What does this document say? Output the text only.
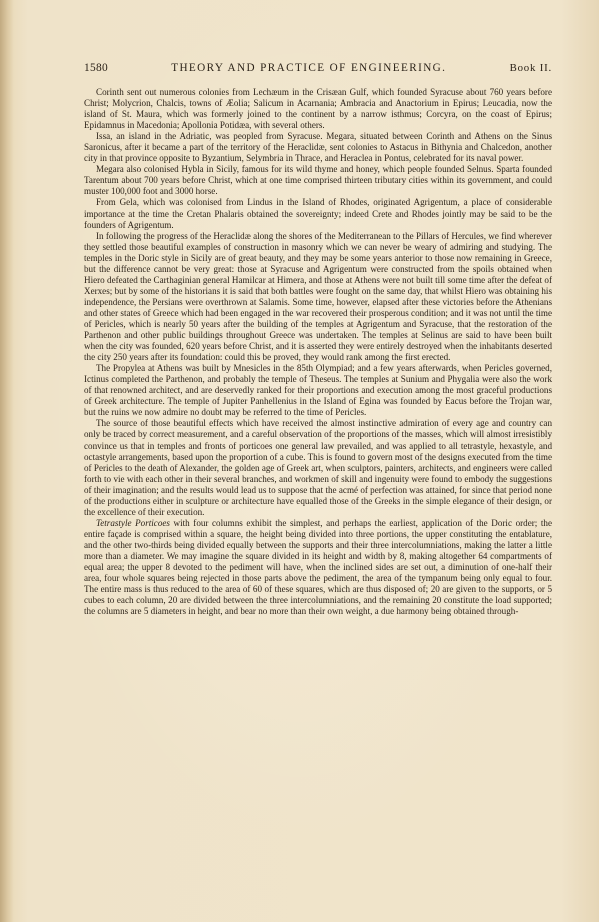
1580	THEORY AND PRACTICE OF ENGINEERING.	Book II.

Corinth sent out numerous colonies from Lechæum in the Crisæan Gulf, which founded Syracuse about 760 years before Christ; Molycrion, Chalcis, towns of Æolia; Salicum in Acarnania; Ambracia and Anactorium in Epirus; Leucadia, now the island of St. Maura, which was formerly joined to the continent by a narrow isthmus; Corcyra, on the coast of Epirus; Epidamnus in Macedonia; Apollonia Potidæa, with several others.

Issa, an island in the Adriatic, was peopled from Syracuse. Megara, situated between Corinth and Athens on the Sinus Saronicus, after it became a part of the territory of the Heraclidæ, sent colonies to Astacus in Bithynia and Chalcedon, another city in that province opposite to Byzantium, Selymbria in Thrace, and Heraclea in Pontus, celebrated for its naval power.

Megara also colonised Hybla in Sicily, famous for its wild thyme and honey, which people founded Selnus. Sparta founded Tarentum about 700 years before Christ, which at one time comprised thirteen tributary cities within its government, and could muster 100,000 foot and 3000 horse.

From Gela, which was colonised from Lindus in the Island of Rhodes, originated Agrigentum, a place of considerable importance at the time the Cretan Phalaris obtained the sovereignty; indeed Crete and Rhodes jointly may be said to be the founders of Agrigentum.

In following the progress of the Heraclidæ along the shores of the Mediterranean to the Pillars of Hercules, we find wherever they settled those beautiful examples of construction in masonry which we can never be weary of admiring and studying. The temples in the Doric style in Sicily are of great beauty, and they may be some years anterior to those now remaining in Greece, but the difference cannot be very great: those at Syracuse and Agrigentum were constructed from the spoils obtained when Hiero defeated the Carthaginian general Hamilcar at Himera, and those at Athens were not built till some time after the defeat of Xerxes; but by some of the historians it is said that both battles were fought on the same day, that whilst Hiero was obtaining his independence, the Persians were overthrown at Salamis. Some time, however, elapsed after these victories before the Athenians and other states of Greece which had been engaged in the war recovered their prosperous condition; and it was not until the time of Pericles, which is nearly 50 years after the building of the temples at Agrigentum and Syracuse, that the restoration of the Parthenon and other public buildings throughout Greece was undertaken. The temples at Selinus are said to have been built when the city was founded, 620 years before Christ, and it is asserted they were entirely destroyed when the inhabitants deserted the city 250 years after its foundation: could this be proved, they would rank among the first erected.

The Propylea at Athens was built by Mnesicles in the 85th Olympiad; and a few years afterwards, when Pericles governed, Ictinus completed the Parthenon, and probably the temple of Theseus. The temples at Sunium and Phygalia were also the work of that renowned architect, and are deservedly ranked for their proportions and execution among the most graceful productions of Greek architecture. The temple of Jupiter Panhellenius in the Island of Egina was founded by Eacus before the Trojan war, but the ruins we now admire no doubt may be referred to the time of Pericles.

The source of those beautiful effects which have received the almost instinctive admiration of every age and country can only be traced by correct measurement, and a careful observation of the proportions of the masses, which will almost irresistibly convince us that in temples and fronts of porticoes one general law prevailed, and was applied to all tetrastyle, hexastyle, and octastyle arrangements, based upon the proportion of a cube. This is found to govern most of the designs executed from the time of Pericles to the death of Alexander, the golden age of Greek art, when sculptors, painters, architects, and engineers were called forth to vie with each other in their several branches, and workmen of skill and ingenuity were found to embody the suggestions of their imagination; and the results would lead us to suppose that the acmé of perfection was attained, for since that period none of the productions either in sculpture or architecture have equalled those of the Greeks in the simple elegance of their design, or the excellence of their execution.

Tetrastyle Porticoes with four columns exhibit the simplest, and perhaps the earliest, application of the Doric order; the entire façade is comprised within a square, the height being divided into three portions, the upper constituting the entablature, and the other two-thirds being divided equally between the supports and their three intercolumniations, making the latter a little more than a diameter. We may imagine the square divided in its height and width by 8, making altogether 64 compartments of equal area; the upper 8 devoted to the pediment will have, when the inclined sides are set out, a diminution of one-half their area, four whole squares being rejected in those parts above the pediment, the area of the tympanum being only equal to four. The entire mass is thus reduced to the area of 60 of these squares, which are thus disposed of; 20 are given to the supports, or 5 cubes to each column, 20 are divided between the three intercolumniations, and the remaining 20 constitute the load supported; the columns are 5 diameters in height, and bear no more than their own weight, a due harmony being obtained through-
